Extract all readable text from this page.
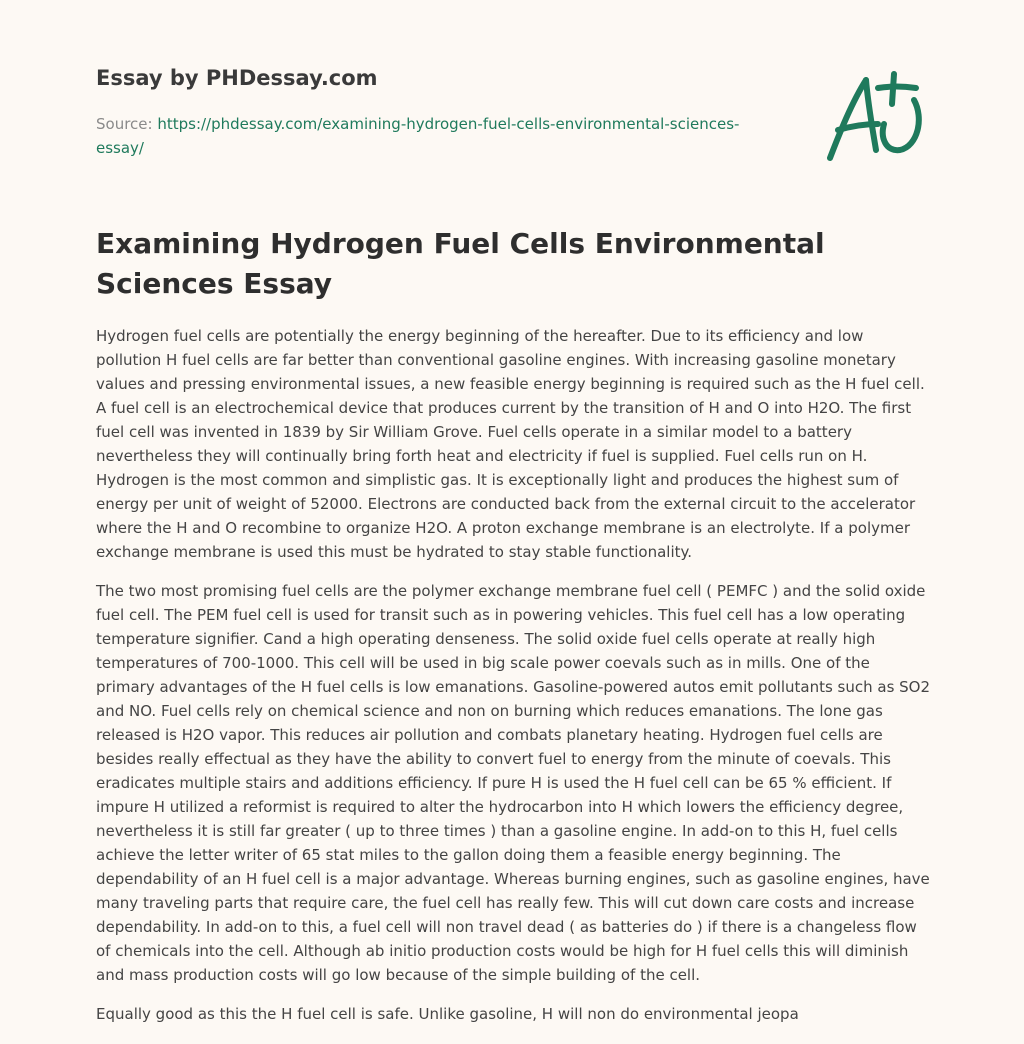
Essay by PHDessay.com
Source: https://phdessay.com/examining-hydrogen-fuel-cells-environmental-sciences-essay/
Examining Hydrogen Fuel Cells Environmental Sciences Essay

Hydrogen fuel cells are potentially the energy beginning of the hereafter. Due to its efficiency and low pollution H fuel cells are far better than conventional gasoline engines. With increasing gasoline monetary values and pressing environmental issues, a new feasible energy beginning is required such as the H fuel cell. A fuel cell is an electrochemical device that produces current by the transition of H and O into H2O. The first fuel cell was invented in 1839 by Sir William Grove. Fuel cells operate in a similar model to a battery nevertheless they will continually bring forth heat and electricity if fuel is supplied. Fuel cells run on H. Hydrogen is the most common and simplistic gas. It is exceptionally light and produces the highest sum of energy per unit of weight of 52000. Electrons are conducted back from the external circuit to the accelerator where the H and O recombine to organize H2O. A proton exchange membrane is an electrolyte. If a polymer exchange membrane is used this must be hydrated to stay stable functionality.

The two most promising fuel cells are the polymer exchange membrane fuel cell ( PEMFC ) and the solid oxide fuel cell. The PEM fuel cell is used for transit such as in powering vehicles. This fuel cell has a low operating temperature signifier. Cand a high operating denseness. The solid oxide fuel cells operate at really high temperatures of 700-1000. This cell will be used in big scale power coevals such as in mills. One of the primary advantages of the H fuel cells is low emanations. Gasoline-powered autos emit pollutants such as SO2 and NO. Fuel cells rely on chemical science and non on burning which reduces emanations. The lone gas released is H2O vapor. This reduces air pollution and combats planetary heating. Hydrogen fuel cells are besides really effectual as they have the ability to convert fuel to energy from the minute of coevals. This eradicates multiple stairs and additions efficiency. If pure H is used the H fuel cell can be 65 % efficient. If impure H utilized a reformist is required to alter the hydrocarbon into H which lowers the efficiency degree, nevertheless it is still far greater ( up to three times ) than a gasoline engine. In add-on to this H, fuel cells achieve the letter writer of 65 stat miles to the gallon doing them a feasible energy beginning. The dependability of an H fuel cell is a major advantage. Whereas burning engines, such as gasoline engines, have many traveling parts that require care, the fuel cell has really few. This will cut down care costs and increase dependability. In add-on to this, a fuel cell will non travel dead ( as batteries do ) if there is a changeless flow of chemicals into the cell. Although ab initio production costs would be high for H fuel cells this will diminish and mass production costs will go low because of the simple building of the cell.

Equally good as this the H fuel cell is safe. Unlike gasoline, H will non do environmental jeopa
